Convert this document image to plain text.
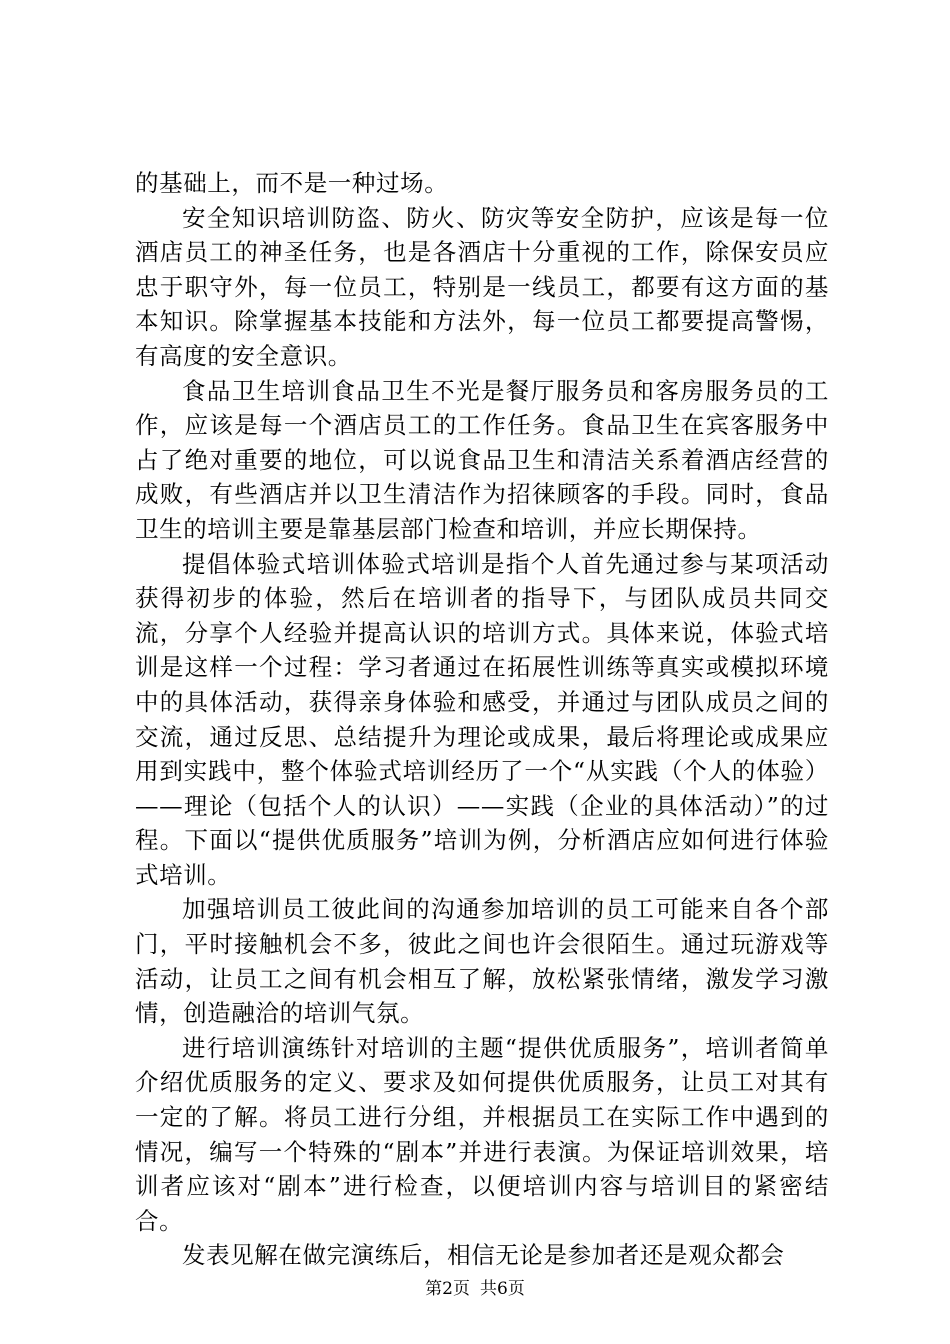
的基础上，而不是一种过场。

安全知识培训防盗、防火、防灾等安全防护，应该是每一位酒店员工的神圣任务，也是各酒店十分重视的工作，除保安员应忠于职守外，每一位员工，特别是一线员工，都要有这方面的基本知识。除掌握基本技能和方法外，每一位员工都要提高警惕，有高度的安全意识。

食品卫生培训食品卫生不光是餐厅服务员和客房服务员的工作，应该是每一个酒店员工的工作任务。食品卫生在宾客服务中占了绝对重要的地位，可以说食品卫生和清洁关系着酒店经营的成败，有些酒店并以卫生清洁作为招徕顾客的手段。同时，食品卫生的培训主要是靠基层部门检查和培训，并应长期保持。

提倡体验式培训体验式培训是指个人首先通过参与某项活动获得初步的体验，然后在培训者的指导下，与团队成员共同交流，分享个人经验并提高认识的培训方式。具体来说，体验式培训是这样一个过程：学习者通过在拓展性训练等真实或模拟环境中的具体活动，获得亲身体验和感受，并通过与团队成员之间的交流，通过反思、总结提升为理论或成果，最后将理论或成果应用到实践中，整个体验式培训经历了一个“从实践（个人的体验）——理论（包括个人的认识）——实践（企业的具体活动）”的过程。下面以“提供优质服务”培训为例，分析酒店应如何进行体验式培训。

加强培训员工彼此间的沟通参加培训的员工可能来自各个部门，平时接触机会不多，彼此之间也许会很陌生。通过玩游戏等活动，让员工之间有机会相互了解，放松紧张情绪，激发学习激情，创造融洽的培训气氛。

进行培训演练针对培训的主题“提供优质服务”，培训者简单介绍优质服务的定义、要求及如何提供优质服务，让员工对其有一定的了解。将员工进行分组，并根据员工在实际工作中遇到的情况，编写一个特殊的“剧本”并进行表演。为保证培训效果，培训者应该对“剧本”进行检查，以便培训内容与培训目的紧密结合。

发表见解在做完演练后，相信无论是参加者还是观众都会

第2页 共6页
